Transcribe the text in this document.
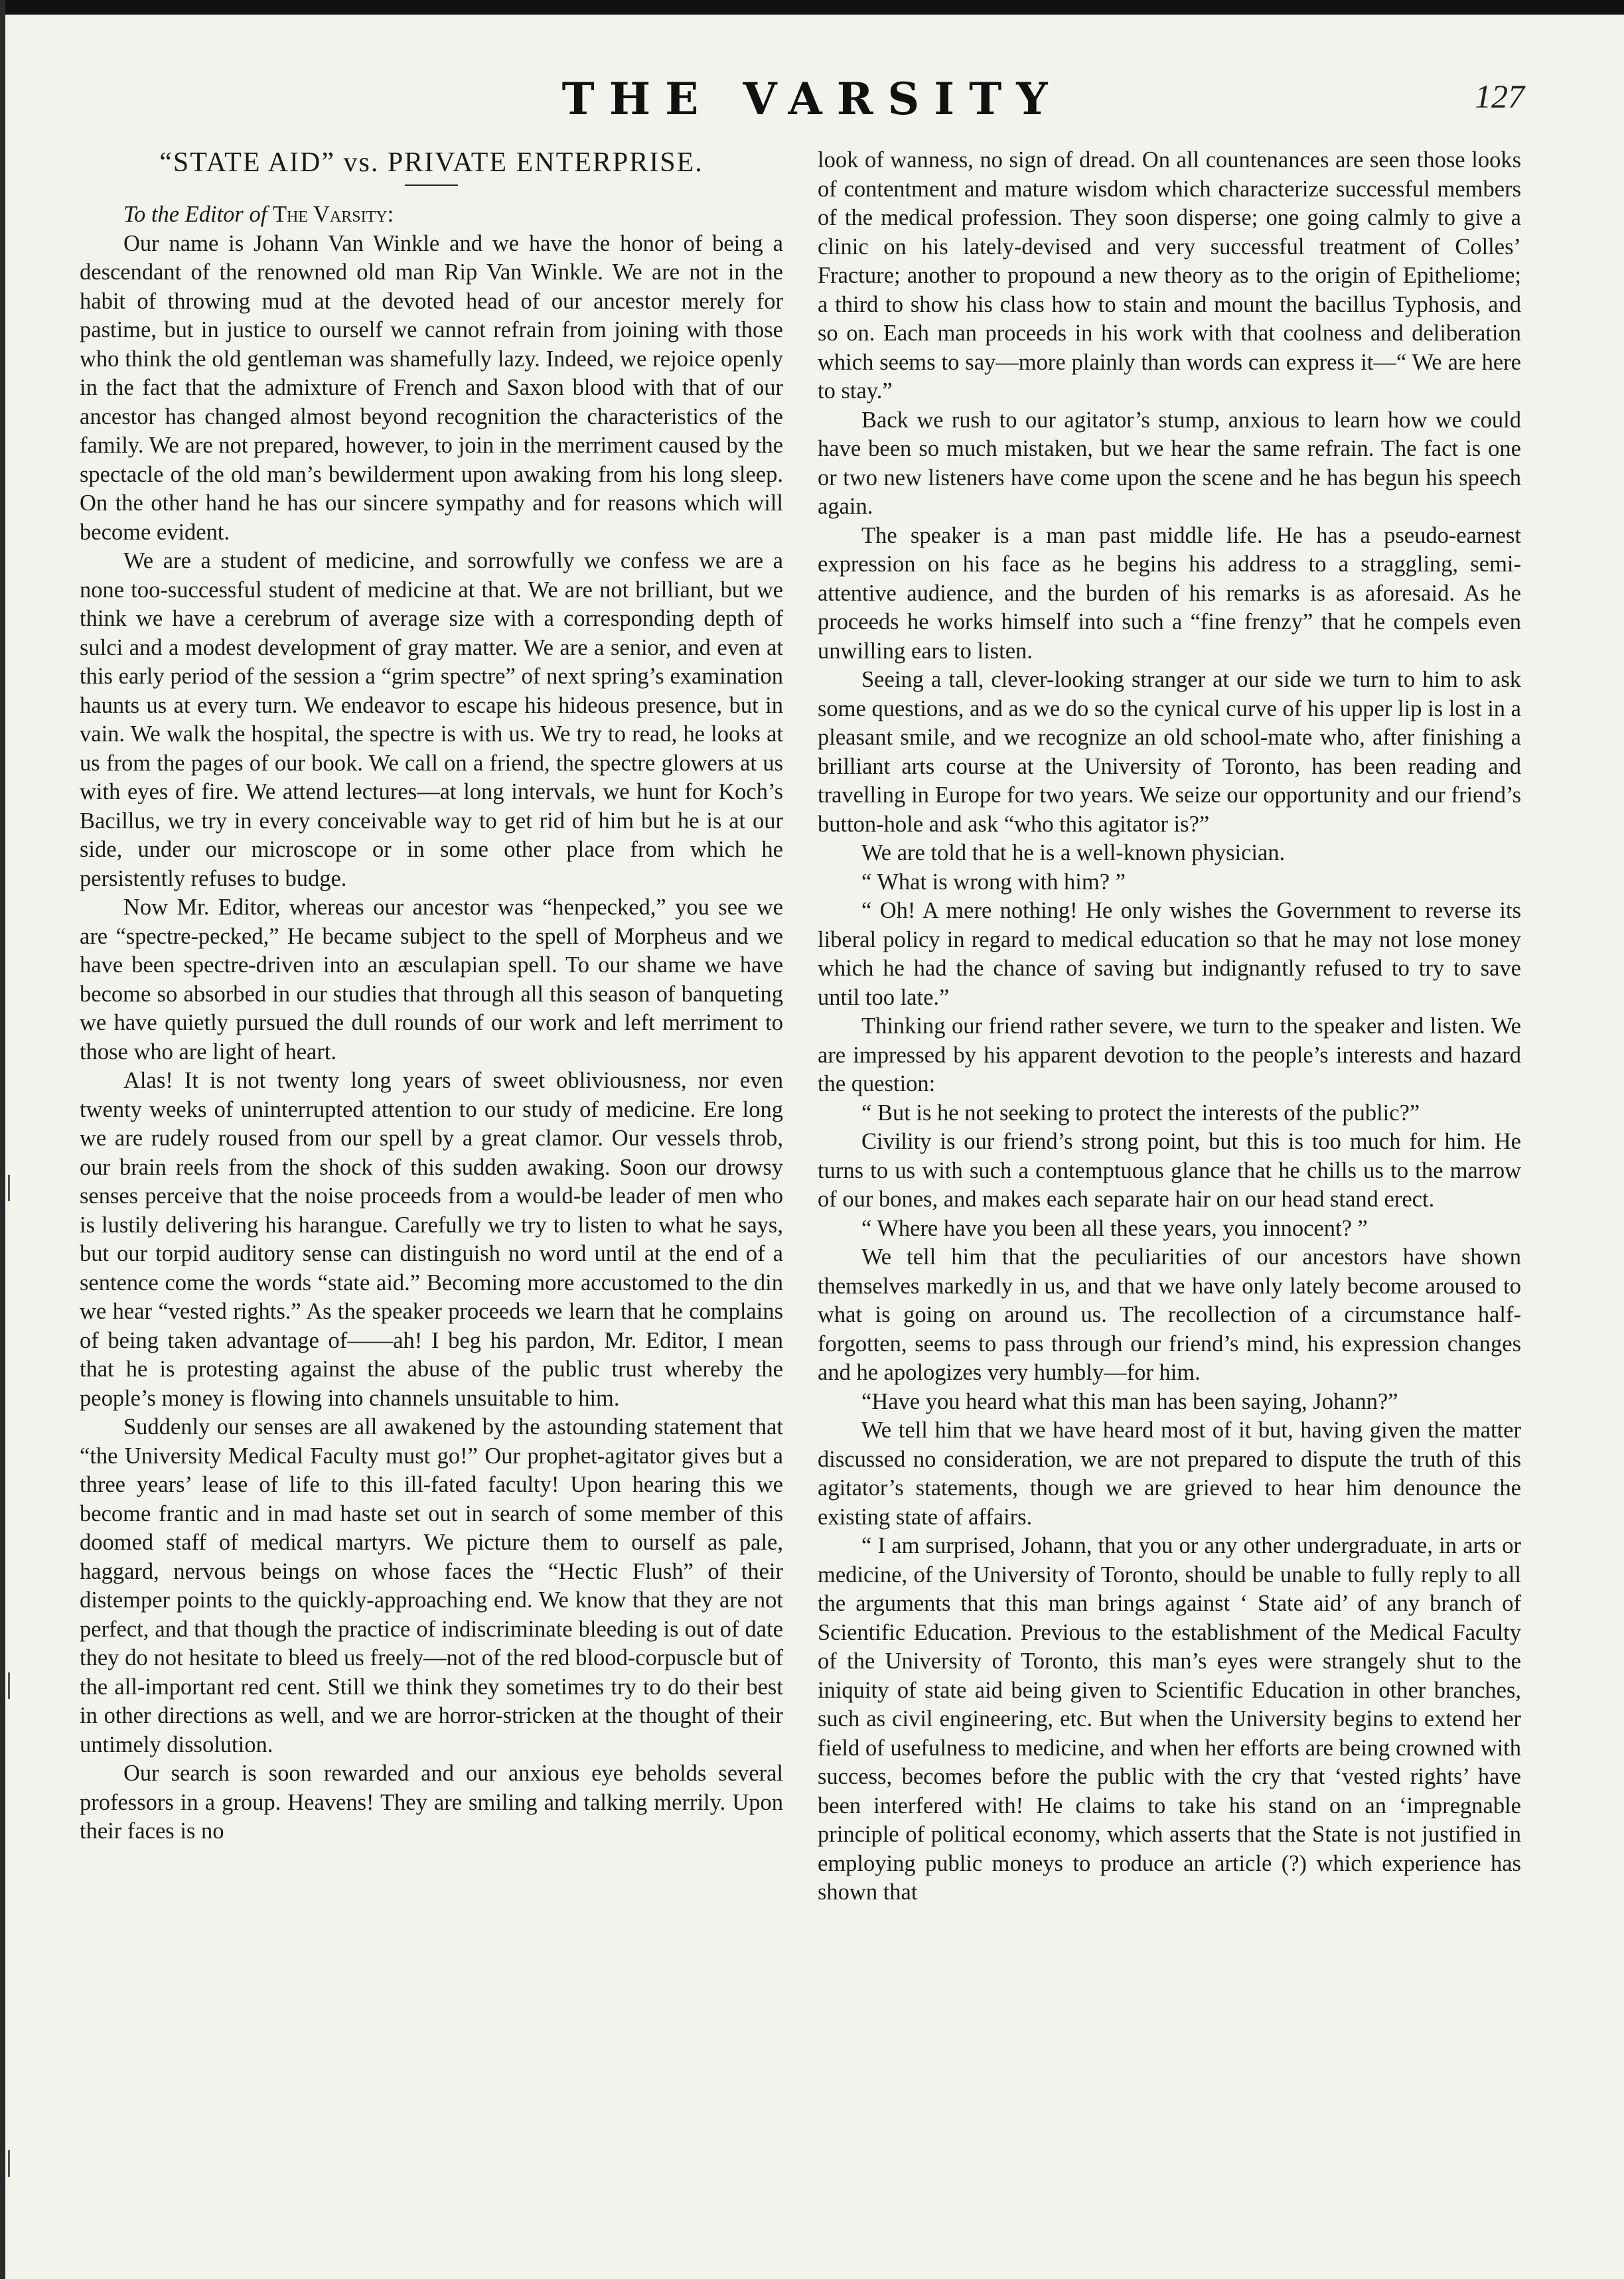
THE VARSITY	127
“STATE AID” vs. PRIVATE ENTERPRISE.

To the Editor of The Varsity:

Our name is Johann Van Winkle and we have the honor of being a descendant of the renowned old man Rip Van Winkle. We are not in the habit of throwing mud at the devoted head of our ancestor merely for pastime, but in justice to ourself we cannot refrain from joining with those who think the old gentleman was shamefully lazy. Indeed, we rejoice openly in the fact that the admixture of French and Saxon blood with that of our ancestor has changed almost beyond recognition the characteristics of the family. We are not prepared, however, to join in the merriment caused by the spectacle of the old man’s bewilderment upon awaking from his long sleep. On the other hand he has our sincere sympathy and for reasons which will become evident.

We are a student of medicine, and sorrowfully we confess we are a none too-successful student of medicine at that. We are not brilliant, but we think we have a cerebrum of average size with a corresponding depth of sulci and a modest development of gray matter. We are a senior, and even at this early period of the session a “grim spectre” of next spring’s examination haunts us at every turn. We endeavor to escape his hideous presence, but in vain. We walk the hospital, the spectre is with us. We try to read, he looks at us from the pages of our book. We call on a friend, the spectre glowers at us with eyes of fire. We attend lectures—at long intervals, we hunt for Koch’s Bacillus, we try in every conceivable way to get rid of him but he is at our side, under our microscope or in some other place from which he persistently refuses to budge.

Now Mr. Editor, whereas our ancestor was “henpecked,” you see we are “spectre-pecked,” He became subject to the spell of Morpheus and we have been spectre-driven into an æsculapian spell. To our shame we have become so absorbed in our studies that through all this season of banqueting we have quietly pursued the dull rounds of our work and left merriment to those who are light of heart.

Alas! It is not twenty long years of sweet obliviousness, nor even twenty weeks of uninterrupted attention to our study of medicine. Ere long we are rudely roused from our spell by a great clamor. Our vessels throb, our brain reels from the shock of this sudden awaking. Soon our drowsy senses perceive that the noise proceeds from a would-be leader of men who is lustily delivering his harangue. Carefully we try to listen to what he says, but our torpid auditory sense can distinguish no word until at the end of a sentence come the words “state aid.” Becoming more accustomed to the din we hear “vested rights.” As the speaker proceeds we learn that he complains of being taken advantage of——ah! I beg his pardon, Mr. Editor, I mean that he is protesting against the abuse of the public trust whereby the people’s money is flowing into channels unsuitable to him.

Suddenly our senses are all awakened by the astounding statement that “the University Medical Faculty must go!” Our prophet-agitator gives but a three years’ lease of life to this ill-fated faculty! Upon hearing this we become frantic and in mad haste set out in search of some member of this doomed staff of medical martyrs. We picture them to ourself as pale, haggard, nervous beings on whose faces the “Hectic Flush” of their distemper points to the quickly-approaching end. We know that they are not perfect, and that though the practice of indiscriminate bleeding is out of date they do not hesitate to bleed us freely—not of the red blood-corpuscle but of the all-important red cent. Still we think they sometimes try to do their best in other directions as well, and we are horror-stricken at the thought of their untimely dissolution.

Our search is soon rewarded and our anxious eye beholds several professors in a group. Heavens! They are smiling and talking merrily. Upon their faces is no

look of wanness, no sign of dread. On all countenances are seen those looks of contentment and mature wisdom which characterize successful members of the medical profession. They soon disperse; one going calmly to give a clinic on his lately-devised and very successful treatment of Colles’ Fracture; another to propound a new theory as to the origin of Epitheliome; a third to show his class how to stain and mount the bacillus Typhosis, and so on. Each man proceeds in his work with that coolness and deliberation which seems to say—more plainly than words can express it—“ We are here to stay.”

Back we rush to our agitator’s stump, anxious to learn how we could have been so much mistaken, but we hear the same refrain. The fact is one or two new listeners have come upon the scene and he has begun his speech again.

The speaker is a man past middle life. He has a pseudo-earnest expression on his face as he begins his address to a straggling, semi-attentive audience, and the burden of his remarks is as aforesaid. As he proceeds he works himself into such a “fine frenzy” that he compels even unwilling ears to listen.

Seeing a tall, clever-looking stranger at our side we turn to him to ask some questions, and as we do so the cynical curve of his upper lip is lost in a pleasant smile, and we recognize an old school-mate who, after finishing a brilliant arts course at the University of Toronto, has been reading and travelling in Europe for two years. We seize our opportunity and our friend’s button-hole and ask “who this agitator is?”

We are told that he is a well-known physician.

“ What is wrong with him? ”

“ Oh! A mere nothing! He only wishes the Government to reverse its liberal policy in regard to medical education so that he may not lose money which he had the chance of saving but indignantly refused to try to save until too late.”

Thinking our friend rather severe, we turn to the speaker and listen. We are impressed by his apparent devotion to the people’s interests and hazard the question:

“ But is he not seeking to protect the interests of the public?”

Civility is our friend’s strong point, but this is too much for him. He turns to us with such a contemptuous glance that he chills us to the marrow of our bones, and makes each separate hair on our head stand erect.

“ Where have you been all these years, you innocent? ”

We tell him that the peculiarities of our ancestors have shown themselves markedly in us, and that we have only lately become aroused to what is going on around us. The recollection of a circumstance half-forgotten, seems to pass through our friend’s mind, his expression changes and he apologizes very humbly—for him.

“Have you heard what this man has been saying, Johann?”

We tell him that we have heard most of it but, having given the matter discussed no consideration, we are not prepared to dispute the truth of this agitator’s statements, though we are grieved to hear him denounce the existing state of affairs.

“ I am surprised, Johann, that you or any other undergraduate, in arts or medicine, of the University of Toronto, should be unable to fully reply to all the arguments that this man brings against ‘ State aid’ of any branch of Scientific Education. Previous to the establishment of the Medical Faculty of the University of Toronto, this man’s eyes were strangely shut to the iniquity of state aid being given to Scientific Education in other branches, such as civil engineering, etc. But when the University begins to extend her field of usefulness to medicine, and when her efforts are being crowned with success, becomes before the public with the cry that ‘vested rights’ have been interfered with! He claims to take his stand on an ‘impregnable principle of political economy, which asserts that the State is not justified in employing public moneys to produce an article (?) which experience has shown that
